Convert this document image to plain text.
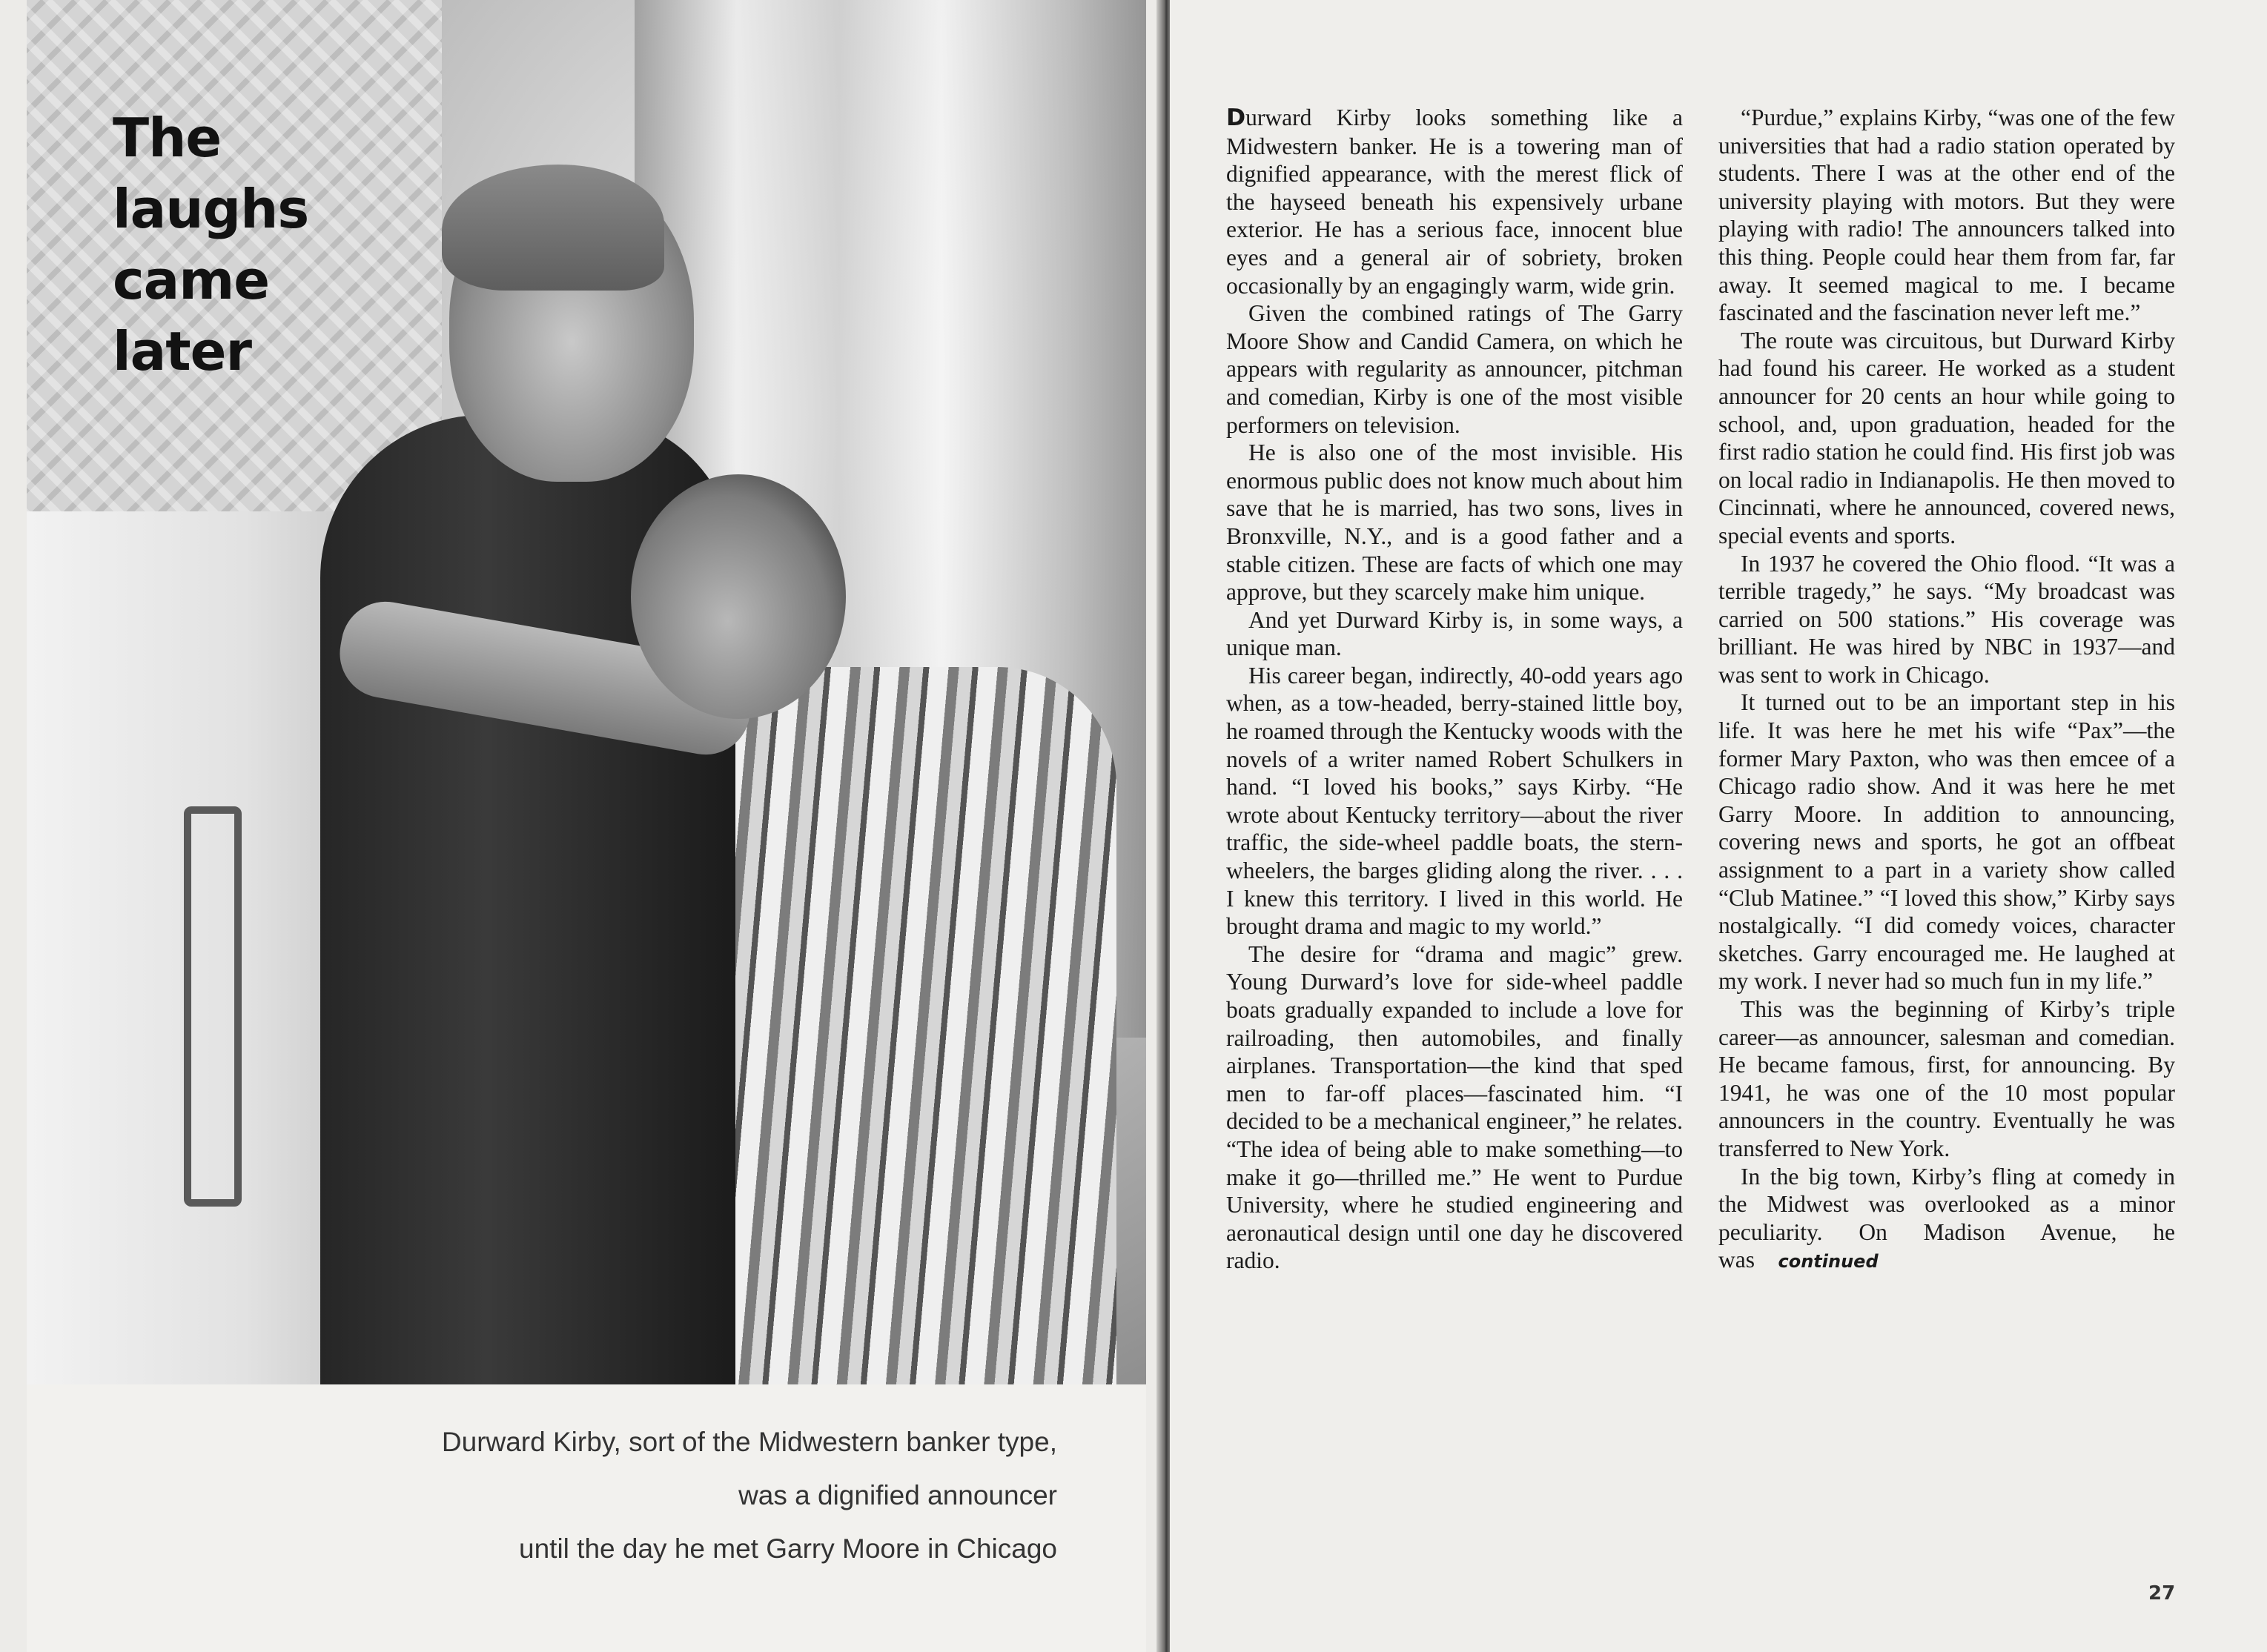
The
laughs
came
later
Durward Kirby, sort of the Midwestern banker type,
was a dignified announcer
until the day he met Garry Moore in Chicago

Durward Kirby looks something like a Midwestern banker. He is a towering man of dignified appearance, with the merest flick of the hayseed beneath his expensively urbane exterior. He has a serious face, innocent blue eyes and a general air of sobriety, broken occasionally by an engagingly warm, wide grin.

Given the combined ratings of The Garry Moore Show and Candid Camera, on which he appears with regularity as announcer, pitchman and comedian, Kirby is one of the most visible performers on television.

He is also one of the most invisible. His enormous public does not know much about him save that he is married, has two sons, lives in Bronxville, N.Y., and is a good father and a stable citizen. These are facts of which one may approve, but they scarcely make him unique.

And yet Durward Kirby is, in some ways, a unique man.

His career began, indirectly, 40-odd years ago when, as a tow-headed, berry-stained little boy, he roamed through the Kentucky woods with the novels of a writer named Robert Schulkers in hand. “I loved his books,” says Kirby. “He wrote about Kentucky territory—about the river traffic, the side-wheel paddle boats, the stern-wheelers, the barges gliding along the river. . . . I knew this territory. I lived in this world. He brought drama and magic to my world.”

The desire for “drama and magic” grew. Young Durward’s love for side-wheel paddle boats gradually expanded to include a love for railroading, then automobiles, and finally airplanes. Transportation—the kind that sped men to far-off places—fascinated him. “I decided to be a mechanical engineer,” he relates. “The idea of being able to make something—to make it go—thrilled me.” He went to Purdue University, where he studied engineering and aeronautical design until one day he discovered radio.

“Purdue,” explains Kirby, “was one of the few universities that had a radio station operated by students. There I was at the other end of the university playing with motors. But they were playing with radio! The announcers talked into this thing. People could hear them from far, far away. It seemed magical to me. I became fascinated and the fascination never left me.”

The route was circuitous, but Durward Kirby had found his career. He worked as a student announcer for 20 cents an hour while going to school, and, upon graduation, headed for the first radio station he could find. His first job was on local radio in Indianapolis. He then moved to Cincinnati, where he announced, covered news, special events and sports.

In 1937 he covered the Ohio flood. “It was a terrible tragedy,” he says. “My broadcast was carried on 500 stations.” His coverage was brilliant. He was hired by NBC in 1937—and was sent to work in Chicago.

It turned out to be an important step in his life. It was here he met his wife “Pax”—the former Mary Paxton, who was then emcee of a Chicago radio show. And it was here he met Garry Moore. In addition to announcing, covering news and sports, he got an offbeat assignment to a part in a variety show called “Club Matinee.” “I loved this show,” Kirby says nostalgically. “I did comedy voices, character sketches. Garry encouraged me. He laughed at my work. I never had so much fun in my life.”

This was the beginning of Kirby’s triple career—as announcer, salesman and comedian. He became famous, first, for announcing. By 1941, he was one of the 10 most popular announcers in the country. Eventually he was transferred to New York.

In the big town, Kirby’s fling at comedy in the Midwest was overlooked as a minor peculiarity. On Madison Avenue, he was continued

27
